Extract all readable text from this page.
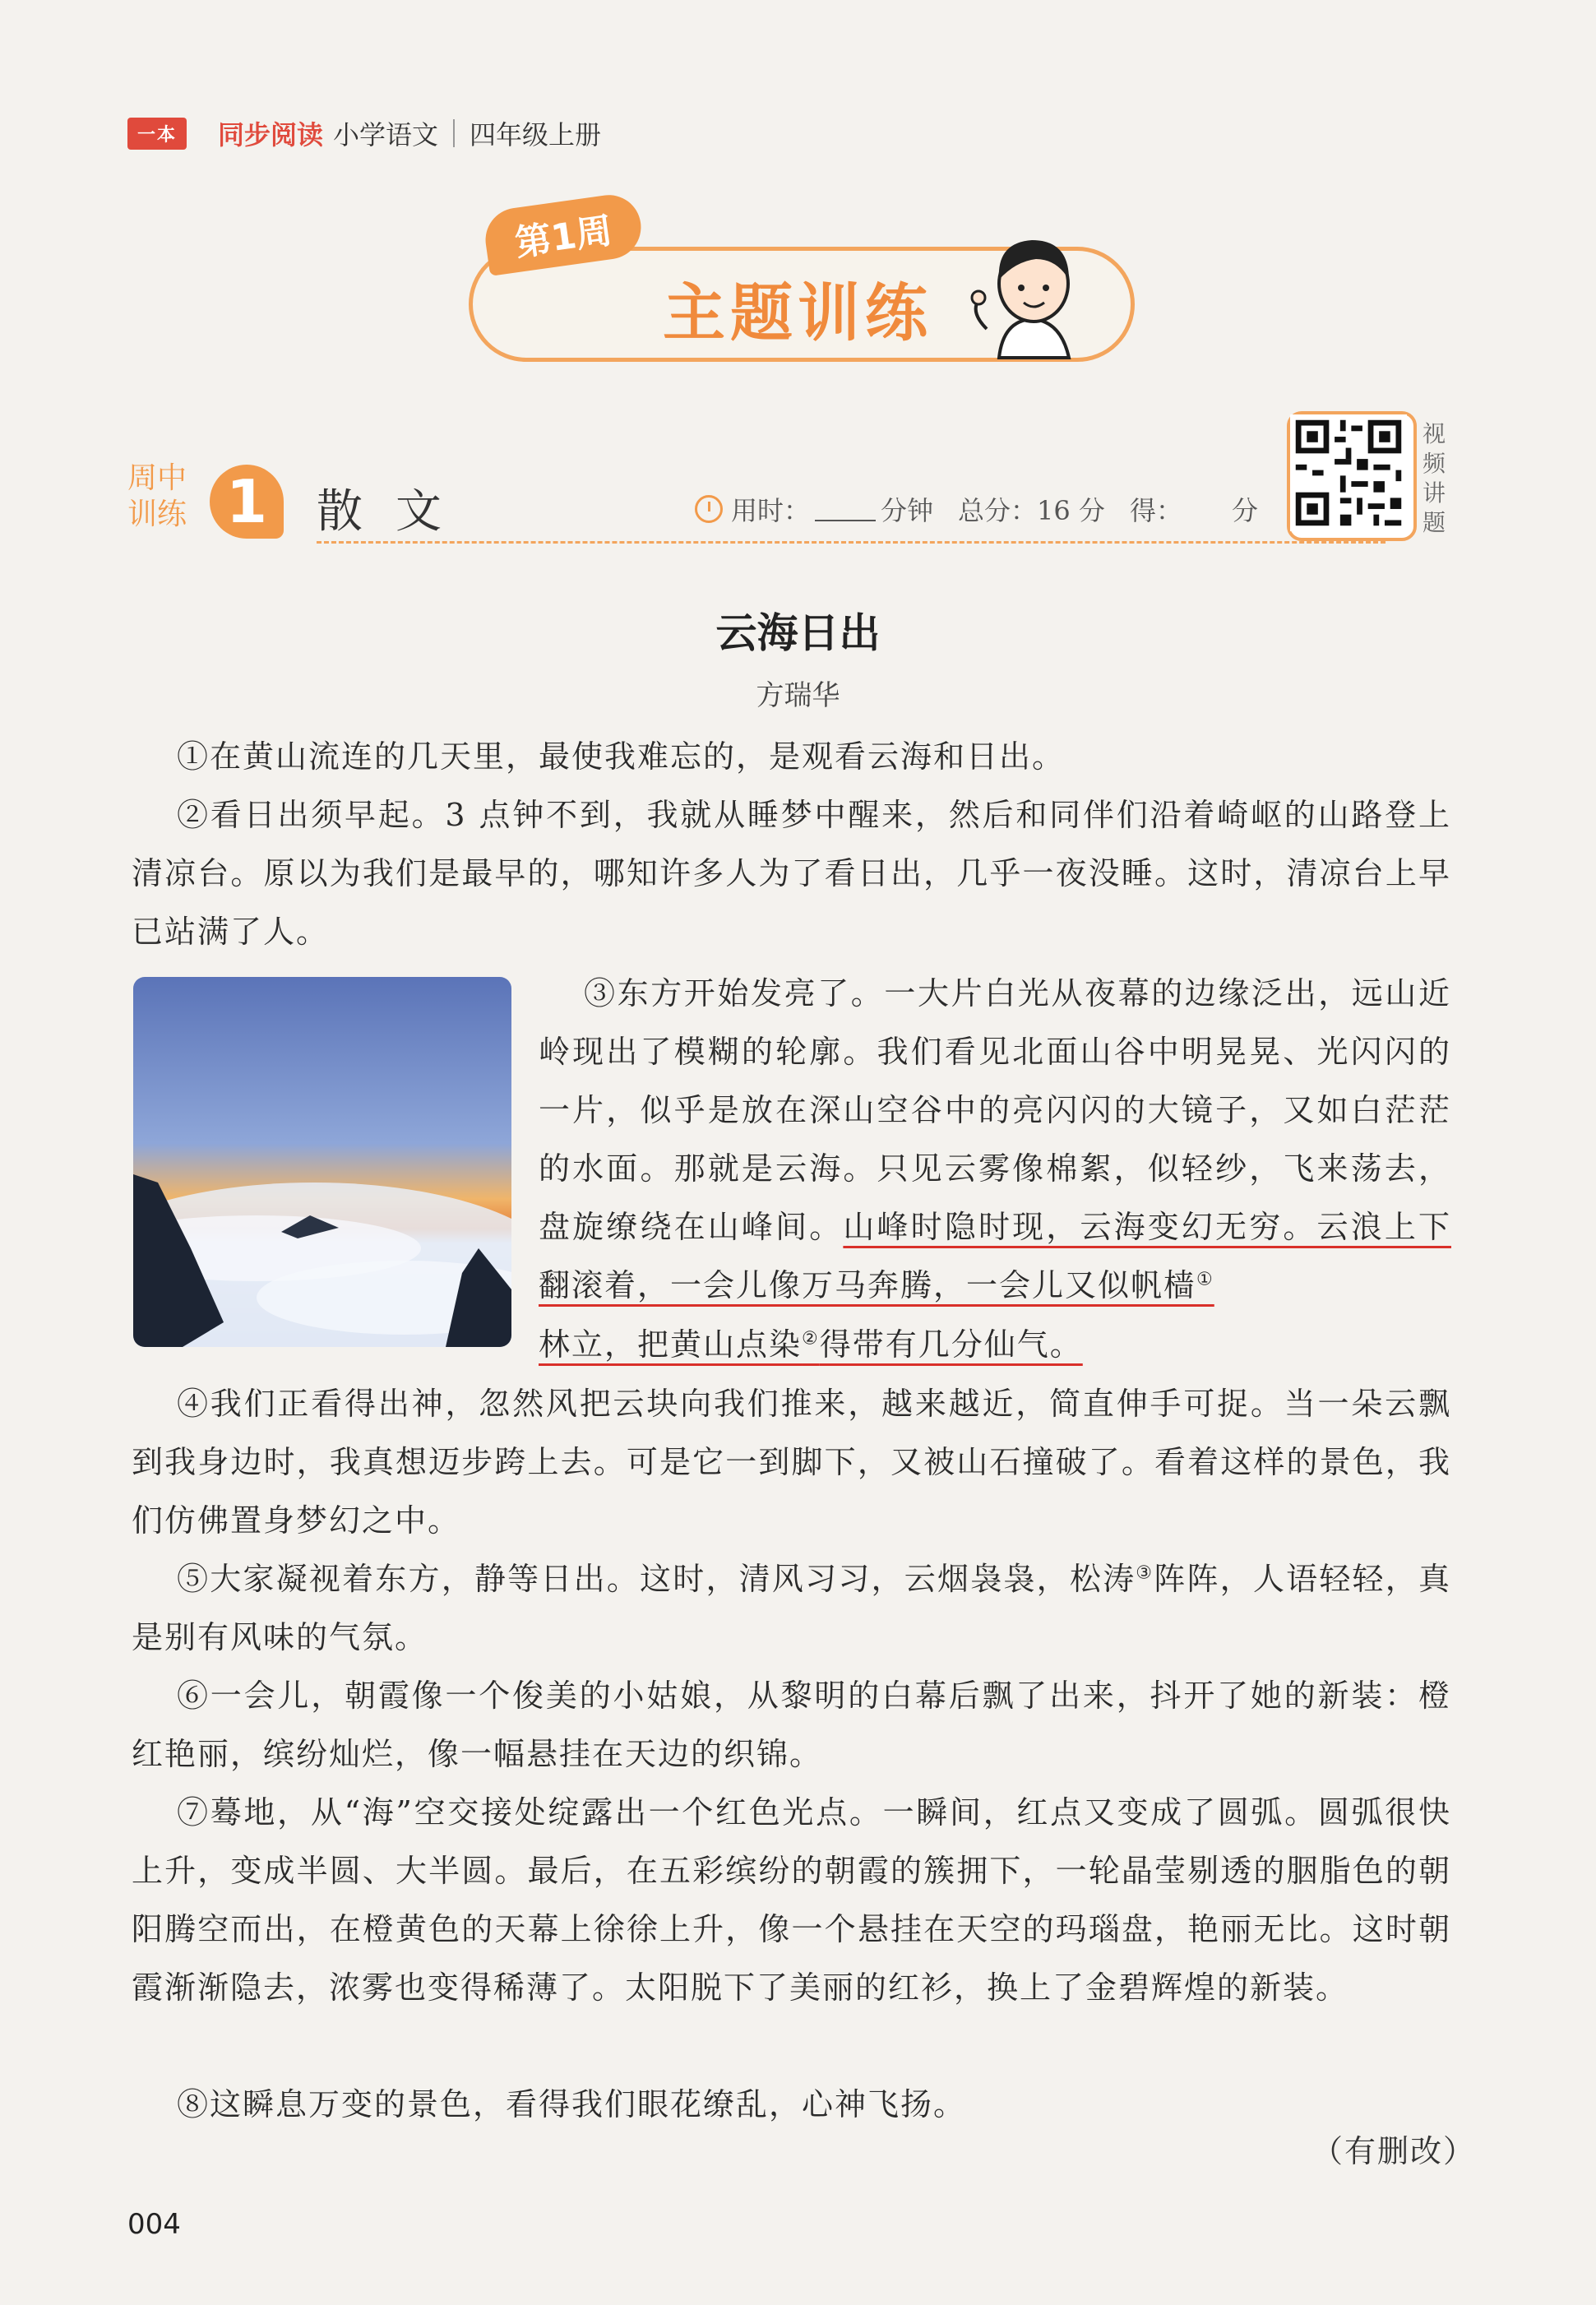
一本	同步阅读 小学语文 四年级上册
第1周
主题训练
周中
训练 1	散文	用时：	分钟 总分：16 分 得： 分
视
频
讲
题
云海日出
方瑞华

①在黄山流连的几天里，最使我难忘的，是观看云海和日出。

②看日出须早起。3 点钟不到，我就从睡梦中醒来，然后和同伴们沿着崎岖的山路登上清凉台。原以为我们是最早的，哪知许多人为了看日出，几乎一夜没睡。这时，清凉台上早已站满了人。

③东方开始发亮了。一大片白光从夜幕的边缘泛出，远山近岭现出了模糊的轮廓。我们看见北面山谷中明晃晃、光闪闪的一片，似乎是放在深山空谷中的亮闪闪的大镜子，又如白茫茫的水面。那就是云海。只见云雾像棉絮，似轻纱，飞来荡去，盘旋缭绕在山峰间。山峰时隐时现，云海变幻无穷。云浪上下翻滚着，一会儿像万马奔腾，一会儿又似帆樯①

林立，把黄山点染②得带有几分仙气。

④我们正看得出神，忽然风把云块向我们推来，越来越近，简直伸手可捉。当一朵云飘到我身边时，我真想迈步跨上去。可是它一到脚下，又被山石撞破了。看着这样的景色，我们仿佛置身梦幻之中。

⑤大家凝视着东方，静等日出。这时，清风习习，云烟袅袅，松涛③阵阵，人语轻轻，真是别有风味的气氛。

⑥一会儿，朝霞像一个俊美的小姑娘，从黎明的白幕后飘了出来，抖开了她的新装：橙红艳丽，缤纷灿烂，像一幅悬挂在天边的织锦。

⑦蓦地，从“海”空交接处绽露出一个红色光点。一瞬间，红点又变成了圆弧。圆弧很快上升，变成半圆、大半圆。最后，在五彩缤纷的朝霞的簇拥下，一轮晶莹剔透的胭脂色的朝阳腾空而出，在橙黄色的天幕上徐徐上升，像一个悬挂在天空的玛瑙盘，艳丽无比。这时朝霞渐渐隐去，浓雾也变得稀薄了。太阳脱下了美丽的红衫，换上了金碧辉煌的新装。

⑧这瞬息万变的景色，看得我们眼花缭乱，心神飞扬。

（有删改）
004
